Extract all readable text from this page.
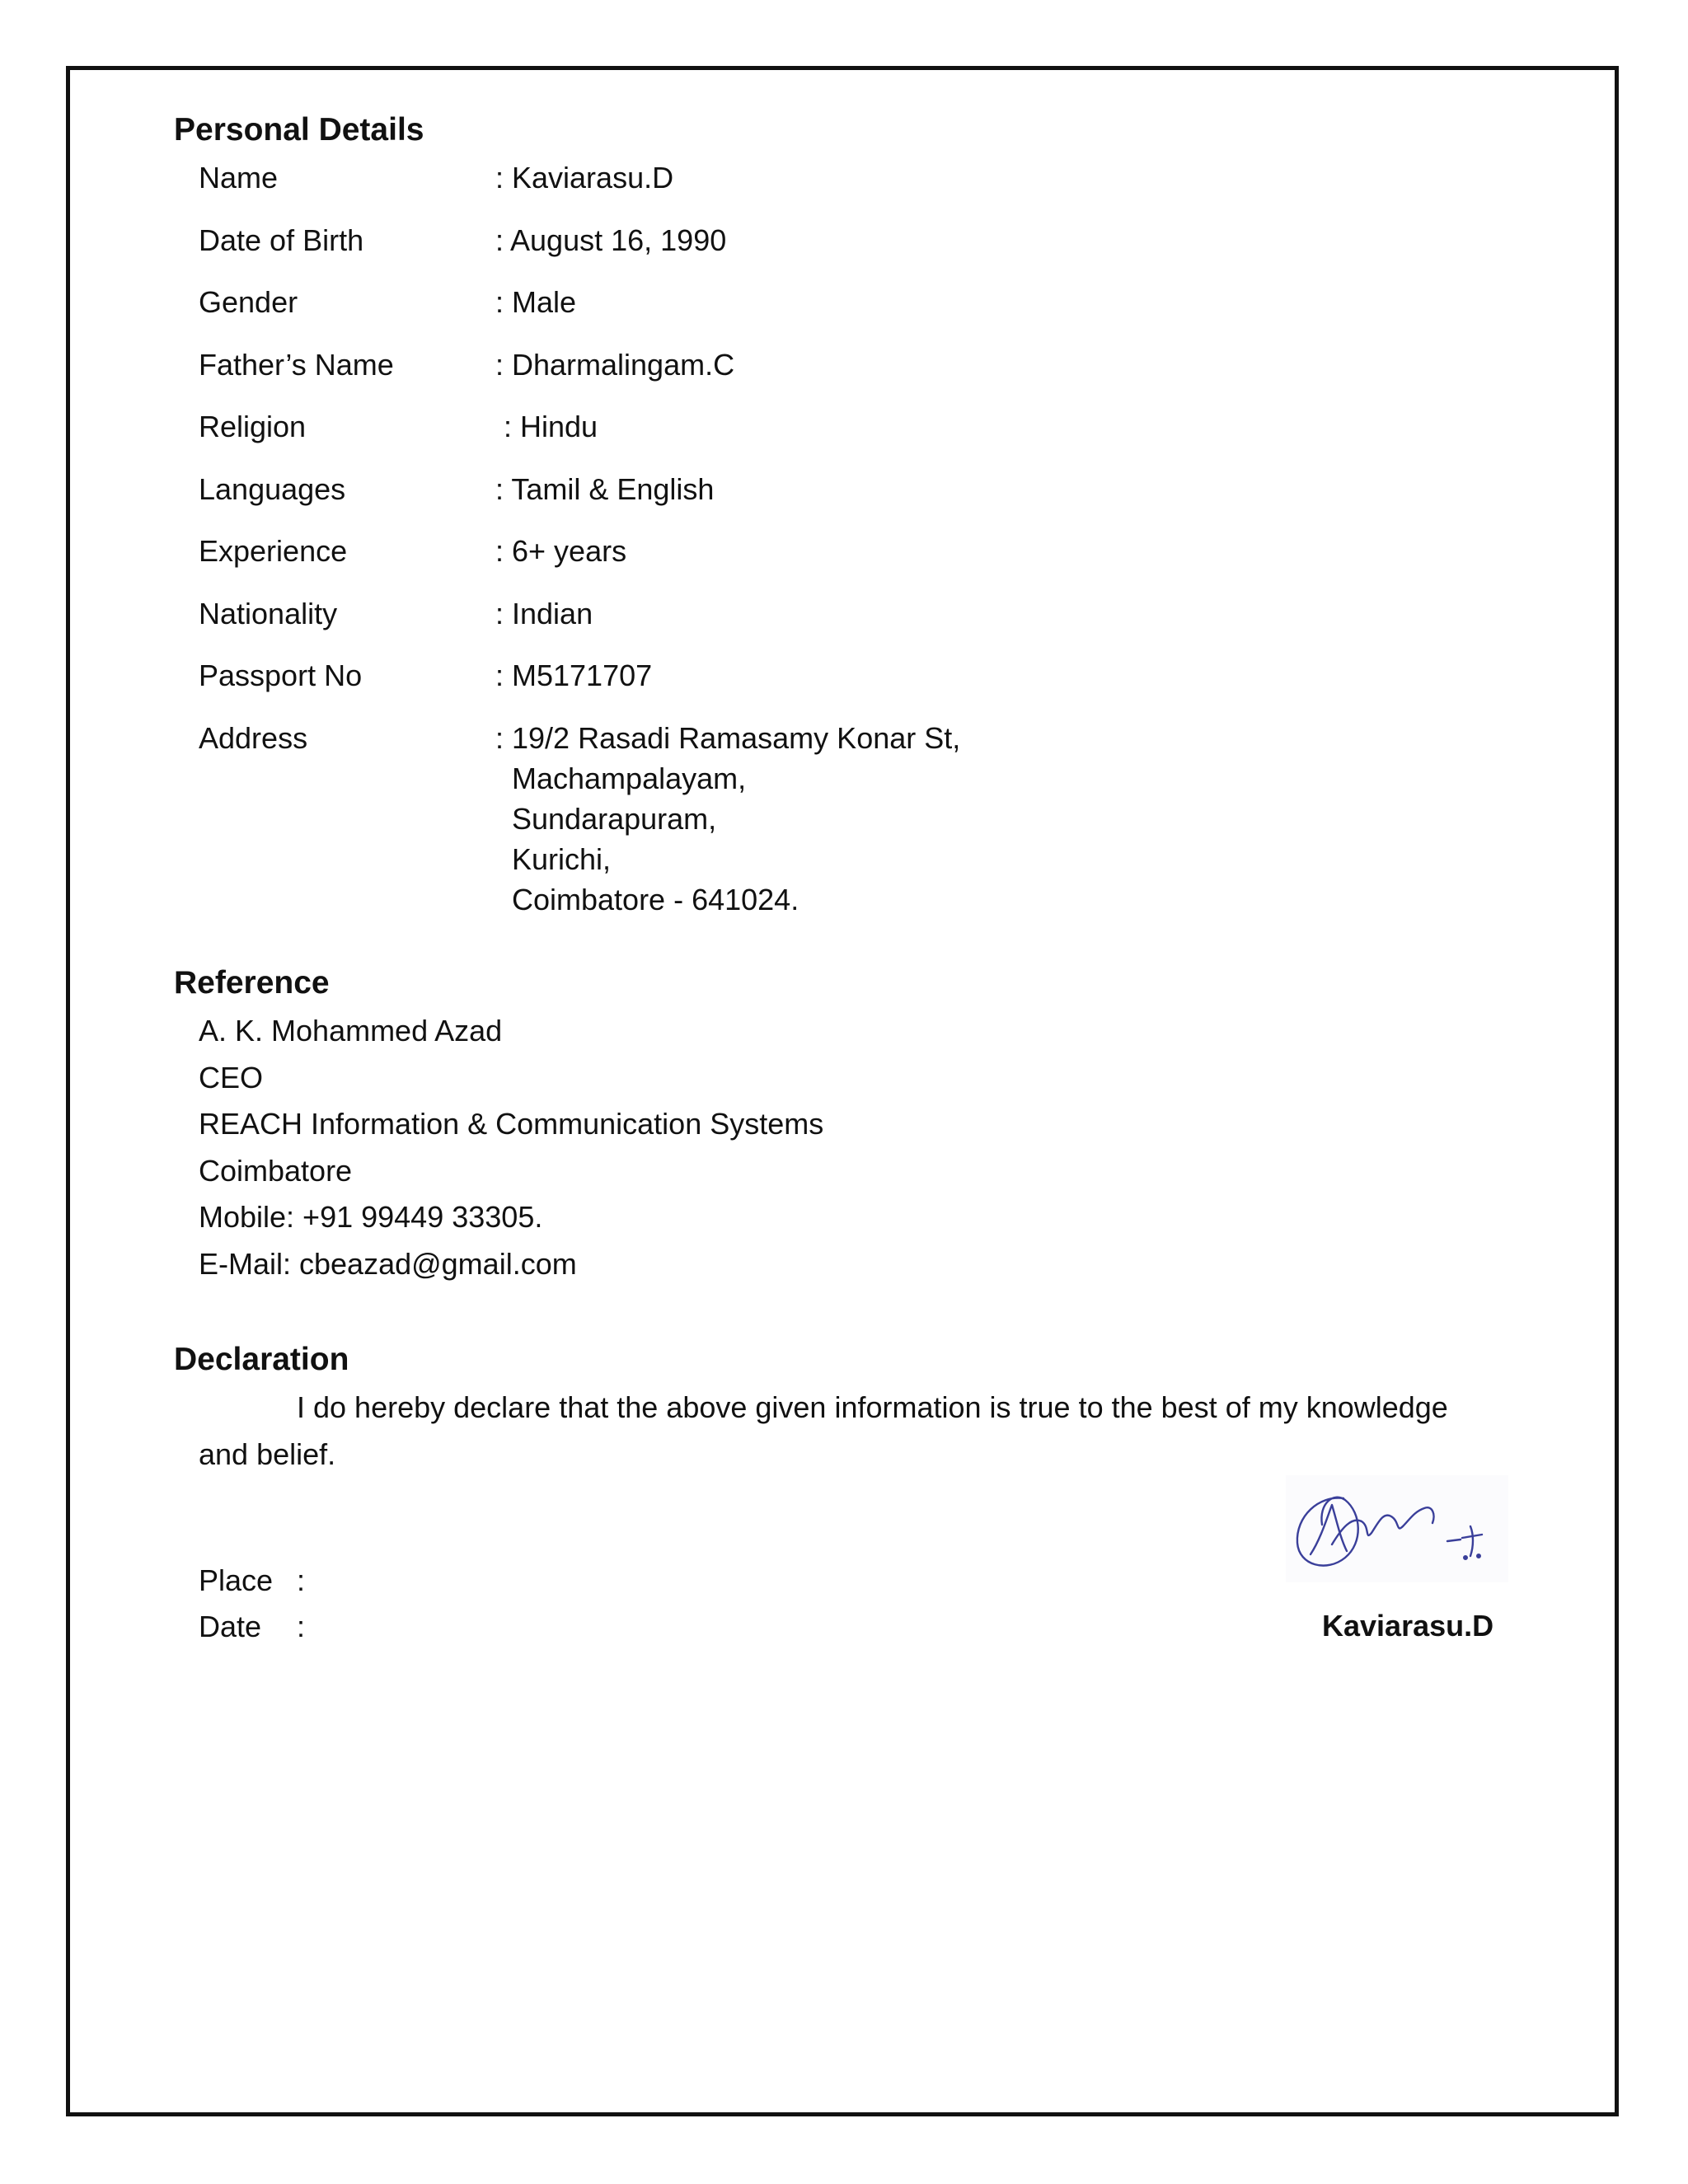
Personal Details
Name	: Kaviarasu.D
Date of Birth	: August 16, 1990
Gender	: Male
Father’s Name	: Dharmalingam.C
Religion	: Hindu
Languages	: Tamil & English
Experience	: 6+ years
Nationality	: Indian
Passport No	: M5171707
Address	: 19/2 Rasadi Ramasamy Konar St,
Machampalayam,
Sundarapuram,
Kurichi,
Coimbatore - 641024.
Reference
A. K. Mohammed Azad
CEO
REACH Information & Communication Systems
Coimbatore
Mobile: +91 99449 33305.
E-Mail: cbeazad@gmail.com
Declaration
I do hereby declare that the above given information is true to the best of my knowledge
and belief.
Place :
Date :	Kaviarasu.D
